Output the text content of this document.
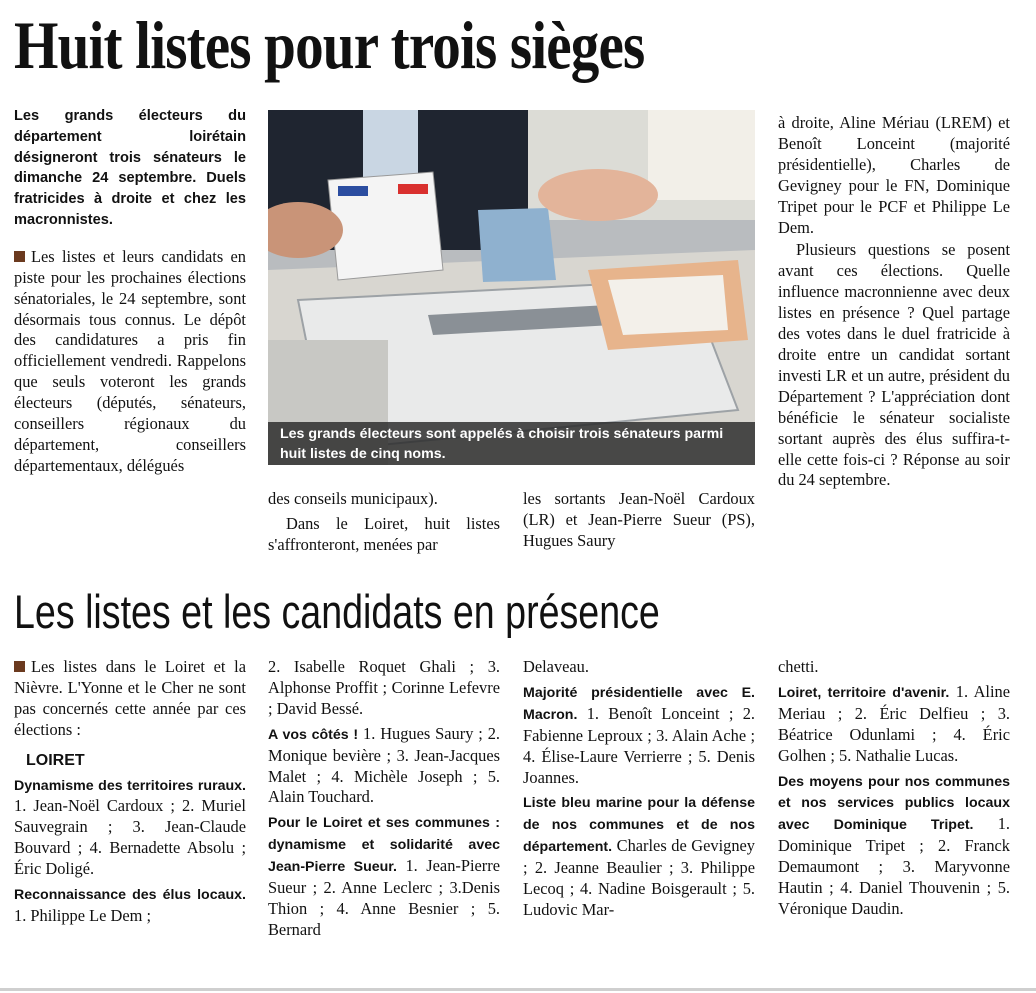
Huit listes pour trois sièges

Les grands électeurs du département loirétain désigneront trois sénateurs le dimanche 24 septembre. Duels fratricides à droite et chez les macronnistes.

Les listes et leurs candidats en piste pour les prochaines élections sénatoriales, le 24 septembre, sont désormais tous connus. Le dépôt des candidatures a pris fin officiellement vendredi. Rappelons que seuls voteront les grands électeurs (députés, sénateurs, conseillers régionaux du département, conseillers départementaux, délégués

Les grands électeurs sont appelés à choisir trois sénateurs parmi huit listes de cinq noms.

des conseils municipaux).

Dans le Loiret, huit listes s'affronteront, menées par

les sortants Jean-Noël Cardoux (LR) et Jean-Pierre Sueur (PS), Hugues Saury

à droite, Aline Mériau (LREM) et Benoît Lonceint (majorité présidentielle), Charles de Gevigney pour le FN, Dominique Tripet pour le PCF et Philippe Le Dem.

Plusieurs questions se posent avant ces élections. Quelle influence macronnienne avec deux listes en présence ? Quel partage des votes dans le duel fratricide à droite entre un candidat sortant investi LR et un autre, président du Département ? L'appréciation dont bénéficie le sénateur socialiste sortant auprès des élus suffira-t-elle cette fois-ci ? Réponse au soir du 24 septembre.

Les listes et les candidats en présence

Les listes dans le Loiret et la Nièvre. L'Yonne et le Cher ne sont pas concernés cette année par ces élections :

LOIRET

Dynamisme des territoires ruraux. 1. Jean-Noël Cardoux ; 2. Muriel Sauvegrain ; 3. Jean-Claude Bouvard ; 4. Bernadette Absolu ; Éric Doligé.

Reconnaissance des élus locaux. 1. Philippe Le Dem ;

2. Isabelle Roquet Ghali ; 3. Alphonse Proffit ; Corinne Lefevre ; David Bessé.

A vos côtés ! 1. Hugues Saury ; 2. Monique bevière ; 3. Jean-Jacques Malet ; 4. Michèle Joseph ; 5. Alain Touchard.

Pour le Loiret et ses communes : dynamisme et solidarité avec Jean-Pierre Sueur. 1. Jean-Pierre Sueur ; 2. Anne Leclerc ; 3.Denis Thion ; 4. Anne Besnier ; 5. Bernard

Delaveau.

Majorité présidentielle avec E. Macron. 1. Benoît Lonceint ; 2. Fabienne Leproux ; 3. Alain Ache ; 4. Élise-Laure Verrierre ; 5. Denis Joannes.

Liste bleu marine pour la défense de nos communes et de nos département. Charles de Gevigney ; 2. Jeanne Beaulier ; 3. Philippe Lecoq ; 4. Nadine Boisgerault ; 5. Ludovic Mar-

chetti.

Loiret, territoire d'avenir. 1. Aline Meriau ; 2. Éric Delfieu ; 3. Béatrice Odunlami ; 4. Éric Golhen ; 5. Nathalie Lucas.

Des moyens pour nos communes et nos services publics locaux avec Dominique Tripet. 1. Dominique Tripet ; 2. Franck Demaumont ; 3. Maryvonne Hautin ; 4. Daniel Thouvenin ; 5. Véronique Daudin.
